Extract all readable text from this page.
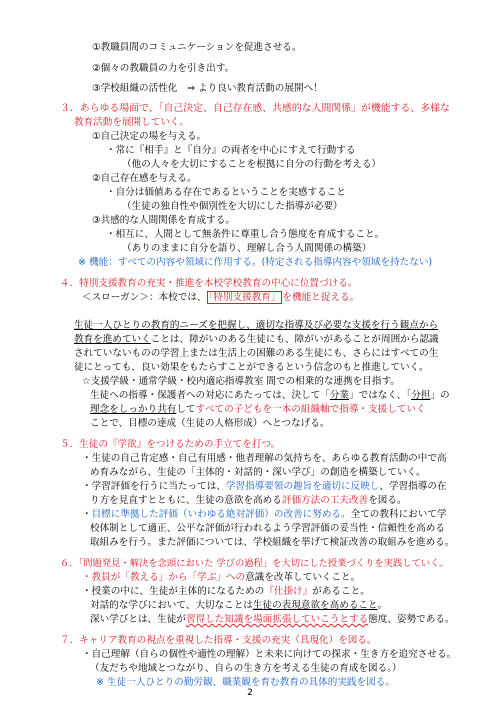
①教職員間のコミュニケーションを促進させる。
②個々の教職員の力を引き出す。
③学校組織の活性化　⇒ より良い教育活動の展開へ！
３．あらゆる場面で、「自己決定、自己存在感、共感的な人間関係」が機能する、多様な
教育活動を展開していく。
①自己決定の場を与える。
・常に『相手』と『自分』の両者を中心にすえて行動する
（他の人々を大切にすることを根拠に自分の行動を考える）
②自己存在感を与える。
・自分は価値ある存在であるということを実感すること
（生徒の独自性や個別性を大切にした指導が必要）
③共感的な人間関係を育成する。
・相互に、人間として無条件に尊重し合う態度を育成すること。
（ありのままに自分を語り、理解し合う人間関係の構築）
※ 機能：すべての内容や領域に作用する。(特定される指導内容や領域を持たない)
４．特別支援教育の充実・推進を本校学校教育の中心に位置づける。
＜スローガン＞：本校では、 「特別支援教育」 を機能と捉える。
生徒一人ひとりの教育的ニーズを把握し、適切な指導及び必要な支援を行う観点から
教育を進めていくことは、障がいのある生徒にも、障がいがあることが周囲から認識
されていないものの学習上または生活上の困難のある生徒にも、さらにはすべての生
徒にとっても、良い効果をもたらすことができるという信念のもと推進していく。
☆支援学級・通常学級・校内適応指導教室 間での相乗的な連携を目指す。
生徒への指導・保護者への対応にあたっては、決して「分業」ではなく、「分担」の
理念をしっかり共有してすべての子どもを一本の組織軸で指導・支援していく
ことで、目標の達成（生徒の人格形成）へとつなげる。
５．生徒の『学欲』をつけるための手立てを打つ。
・生徒の自己肯定感・自己有用感・他者理解の気持ちを、あらゆる教育活動の中で高
め育みながら、生徒の「主体的・対話的・深い学び」の創造を構築していく。
・学習評価を行うに当たっては、学習指導要領の趣旨を適切に反映し、学習指導の在
り方を見直すとともに、生徒の意欲を高める評価方法の工夫改善を図る。
・目標に準拠した評価（いわゆる絶対評価）の改善に努める。全ての教科において学
校体制として適正、公平な評価が行われるよう学習評価の妥当性・信頼性を高める
取組みを行う。また評価については、学校組織を挙げて検証改善の取組みを進める。
６．「問題発見・解決を念頭においた 学びの過程」を大切にした授業づくりを実践していく。
・教員が「教える」から「学ぶ」への意識を改革していくこと。
・授業の中に、生徒が主体的になるための『仕掛け』があること。
対話的な学びにおいて、大切なことは生徒の表現意欲を高めること。
深い学びとは、生徒が習得した知識を場面拡張していこうとする態度、姿勢である。
７．キャリア教育の視点を重視した指導・支援の充実（具現化）を図る。
・自己理解（自らの個性や適性の理解）と未来に向けての探求・生き方を追究させる。
（友だちや地域とつながり、自らの生き方を考える生徒の育成を図る。）
※ 生徒一人ひとりの勤労観、職業観を育む教育の具体的実践を図る。
2
